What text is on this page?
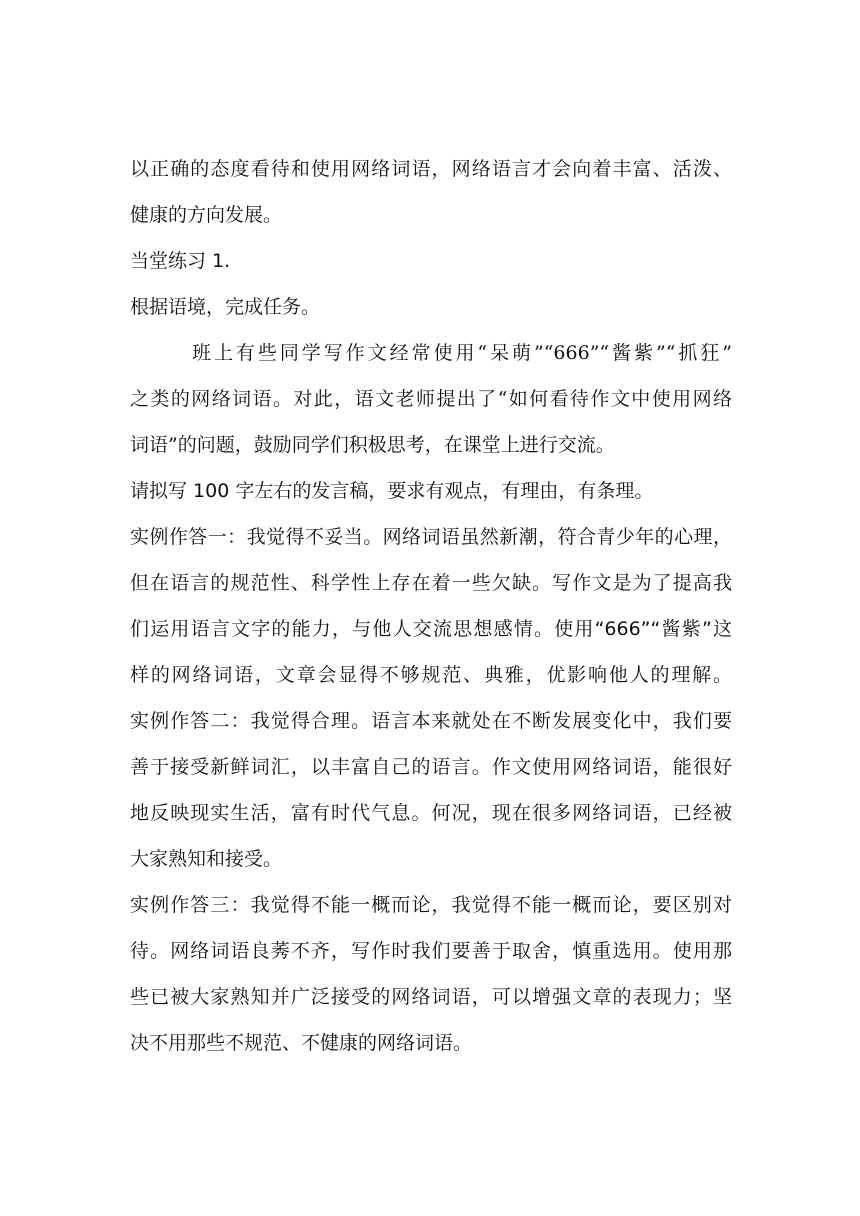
以正确的态度看待和使用网络词语，网络语言才会向着丰富、活泼、
健康的方向发展。
当堂练习 1.
根据语境，完成任务。
班上有些同学写作文经常使用“呆萌”“666”“酱紫”“抓狂”
之类的网络词语。对此，语文老师提出了“如何看待作文中使用网络
词语”的问题，鼓励同学们积极思考，在课堂上进行交流。
请拟写 100 字左右的发言稿，要求有观点，有理由，有条理。
实例作答一：我觉得不妥当。网络词语虽然新潮，符合青少年的心理，
但在语言的规范性、科学性上存在着一些欠缺。写作文是为了提高我
们运用语言文字的能力，与他人交流思想感情。使用“666”“酱紫”这
样的网络词语，文章会显得不够规范、典雅，优影响他人的理解。
实例作答二：我觉得合理。语言本来就处在不断发展变化中，我们要
善于接受新鲜词汇，以丰富自己的语言。作文使用网络词语，能很好
地反映现实生活，富有时代气息。何况，现在很多网络词语，已经被
大家熟知和接受。
实例作答三：我觉得不能一概而论，我觉得不能一概而论，要区别对
待。网络词语良莠不齐，写作时我们要善于取舍，慎重选用。使用那
些已被大家熟知并广泛接受的网络词语，可以增强文章的表现力；坚
决不用那些不规范、不健康的网络词语。
